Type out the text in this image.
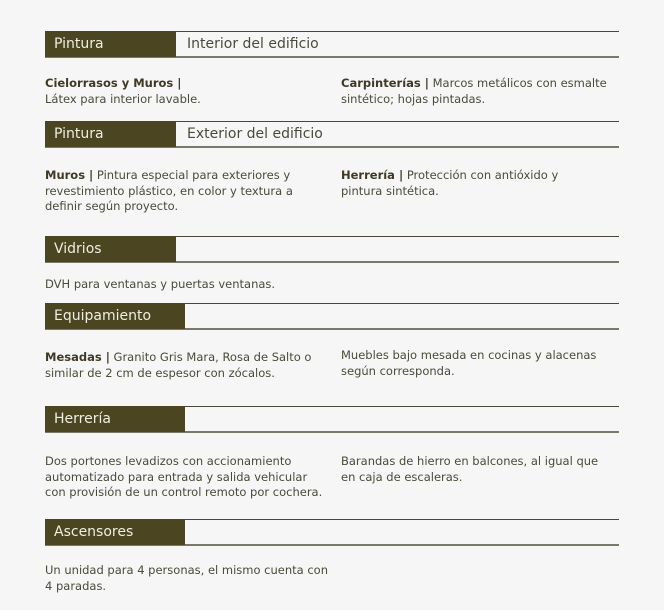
Pintura	Interior del edificio
Cielorrasos y Muros |
Látex para interior lavable.
Carpinterías | Marcos metálicos con esmalte sintético; hojas pintadas.
Pintura	Exterior del edificio
Muros | Pintura especial para exteriores y revestimiento plástico, en color y textura a definir según proyecto.
Herrería | Protección con antióxido y pintura sintética.
Vidrios
DVH para ventanas y puertas ventanas.
Equipamiento
Mesadas | Granito Gris Mara, Rosa de Salto o similar de 2 cm de espesor con zócalos.
Muebles bajo mesada en cocinas y alacenas según corresponda.
Herrería
Dos portones levadizos con accionamiento automatizado para entrada y salida vehicular con provisión de un control remoto por cochera.
Barandas de hierro en balcones, al igual que en caja de escaleras.
Ascensores
Un unidad para 4 personas, el mismo cuenta con 4 paradas.
